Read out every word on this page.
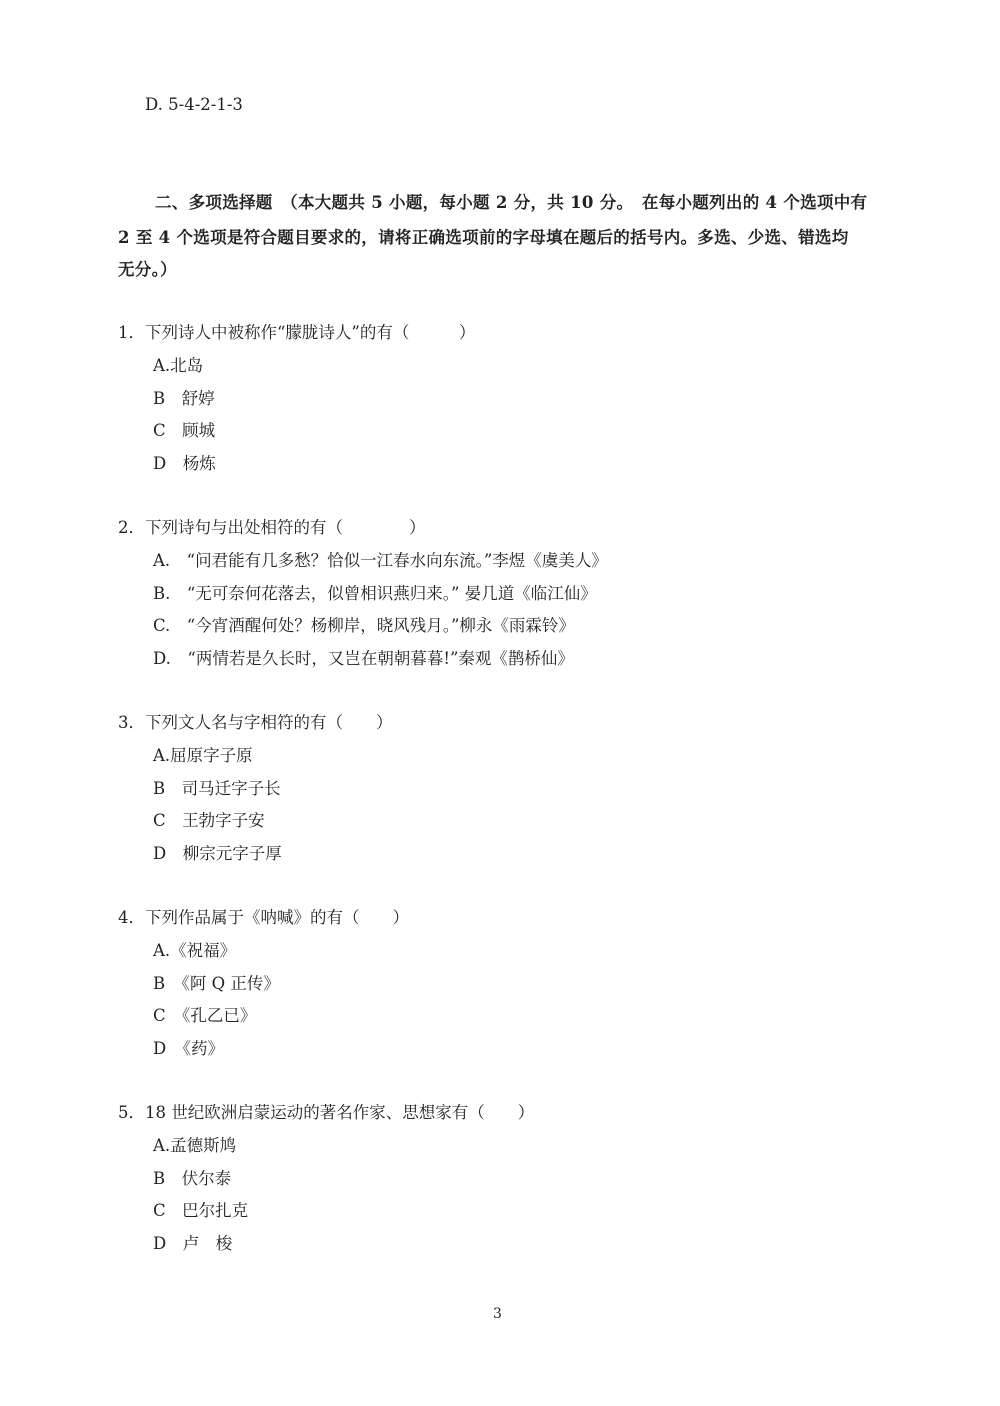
D. 5-4-2-1-3
二、多项选择题　（本大题共 5 小题，每小题 2 分，共 10 分。　在每小题列出的 4 个选项中有
2 至 4 个选项是符合题目要求的，请将正确选项前的字母填在题后的括号内。多选、少选、错选均
无分。）
1．下列诗人中被称作“朦胧诗人”的有（　　　）
A.北岛
B　舒婷
C　顾城
D　杨炼
2．下列诗句与出处相符的有（　　　　）
A.　“问君能有几多愁？恰似一江春水向东流。”李煜《虞美人》
B.　“无可奈何花落去，似曾相识燕归来。” 晏几道《临江仙》
C.　“今宵酒醒何处？杨柳岸，晓风残月。”柳永《雨霖铃》
D.　“两情若是久长时，又岂在朝朝暮暮!”秦观《鹊桥仙》
3．下列文人名与字相符的有（　　）
A.屈原字子原
B　司马迁字子长
C　王勃字子安
D　柳宗元字子厚
4．下列作品属于《呐喊》的有（　　）
A.《祝福》
B　《阿 Q 正传》
C　《孔乙已》
D　《药》
5．18 世纪欧洲启蒙运动的著名作家、思想家有（　　）
A.孟德斯鸠
B　伏尔泰
C　巴尔扎克
D　卢　梭
3
